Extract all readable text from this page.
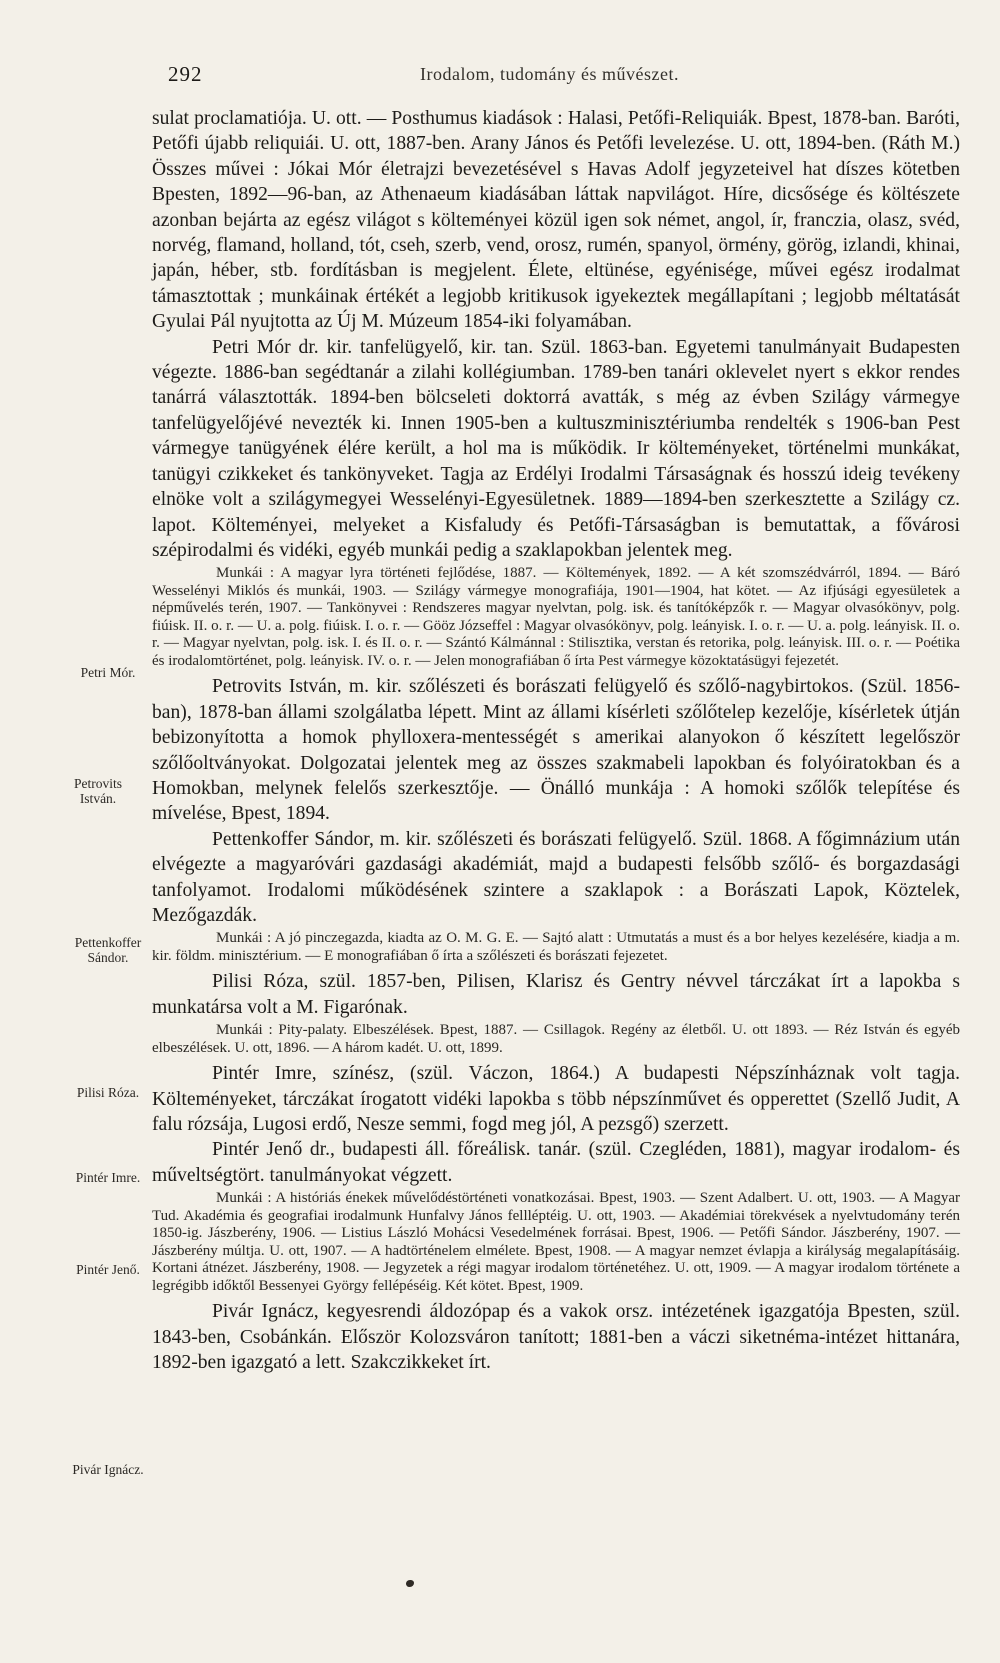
292	Irodalom, tudomány és művészet.
Petri Mór.
Petrovits István.
Pettenkoffer Sándor.
Pilisi Róza.
Pintér Imre.
Pintér Jenő.
Pivár Ignácz.

sulat proclamatiója. U. ott. — Posthumus kiadások : Halasi, Petőfi-Reliquiák. Bpest, 1878-ban. Baróti, Petőfi újabb reliquiái. U. ott, 1887-ben. Arany János és Petőfi levelezése. U. ott, 1894-ben. (Ráth M.) Összes művei : Jókai Mór életrajzi bevezetésével s Havas Adolf jegyzeteivel hat díszes kötetben Bpesten, 1892—96-ban, az Athenaeum kiadásában láttak napvilágot. Híre, dicsősége és költészete azonban bejárta az egész világot s költeményei közül igen sok német, angol, ír, franczia, olasz, svéd, norvég, flamand, holland, tót, cseh, szerb, vend, orosz, rumén, spanyol, örmény, görög, izlandi, khinai, japán, héber, stb. fordításban is megjelent. Élete, eltünése, egyénisége, művei egész irodalmat támasztottak ; munkáinak értékét a legjobb kritikusok igyekeztek megállapítani ; legjobb méltatását Gyulai Pál nyujtotta az Új M. Múzeum 1854-iki folyamában.

Petri Mór dr. kir. tanfelügyelő, kir. tan. Szül. 1863-ban. Egyetemi tanulmányait Budapesten végezte. 1886-ban segédtanár a zilahi kollégiumban. 1789-ben tanári oklevelet nyert s ekkor rendes tanárrá választották. 1894-ben bölcseleti doktorrá avatták, s még az évben Szilágy vármegye tanfelügyelőjévé nevezték ki. Innen 1905-ben a kultuszminisztériumba rendelték s 1906-ban Pest vármegye tanügyének élére került, a hol ma is működik. Ir költeményeket, történelmi munkákat, tanügyi czikkeket és tankönyveket. Tagja az Erdélyi Irodalmi Társaságnak és hosszú ideig tevékeny elnöke volt a szilágymegyei Wesselényi-Egyesületnek. 1889—1894-ben szerkesztette a Szilágy cz. lapot. Költeményei, melyeket a Kisfaludy és Petőfi-Társaságban is bemutattak, a fővárosi szépirodalmi és vidéki, egyéb munkái pedig a szaklapokban jelentek meg.

Munkái : A magyar lyra történeti fejlődése, 1887. — Költemények, 1892. — A két szomszédvárról, 1894. — Báró Wesselényi Miklós és munkái, 1903. — Szilágy vármegye monografiája, 1901—1904, hat kötet. — Az ifjúsági egyesületek a népművelés terén, 1907. — Tankönyvei : Rendszeres magyar nyelvtan, polg. isk. és tanítóképzők r. — Magyar olvasókönyv, polg. fiúisk. II. o. r. — U. a. polg. fiúisk. I. o. r. — Gööz Józseffel : Magyar olvasókönyv, polg. leányisk. I. o. r. — U. a. polg. leányisk. II. o. r. — Magyar nyelvtan, polg. isk. I. és II. o. r. — Szántó Kálmánnal : Stilisztika, verstan és retorika, polg. leányisk. III. o. r. — Poétika és irodalomtörténet, polg. leányisk. IV. o. r. — Jelen monografiában ő írta Pest vármegye közoktatásügyi fejezetét.

Petrovits István, m. kir. szőlészeti és borászati felügyelő és szőlő-nagybirtokos. (Szül. 1856-ban), 1878-ban állami szolgálatba lépett. Mint az állami kísérleti szőlőtelep kezelője, kísérletek útján bebizonyította a homok phylloxera-mentességét s amerikai alanyokon ő készített legelőször szőlőoltványokat. Dolgozatai jelentek meg az összes szakmabeli lapokban és folyóiratokban és a Homokban, melynek felelős szerkesztője. — Önálló munkája : A homoki szőlők telepítése és mívelése, Bpest, 1894.

Pettenkoffer Sándor, m. kir. szőlészeti és borászati felügyelő. Szül. 1868. A főgimnázium után elvégezte a magyaróvári gazdasági akadémiát, majd a budapesti felsőbb szőlő- és borgazdasági tanfolyamot. Irodalomi működésének szintere a szaklapok : a Borászati Lapok, Köztelek, Mezőgazdák.

Munkái : A jó pinczegazda, kiadta az O. M. G. E. — Sajtó alatt : Utmutatás a must és a bor helyes kezelésére, kiadja a m. kir. földm. minisztérium. — E monografiában ő írta a szőlészeti és borászati fejezetet.

Pilisi Róza, szül. 1857-ben, Pilisen, Klarisz és Gentry névvel tárczákat írt a lapokba s munkatársa volt a M. Figarónak.

Munkái : Pity-palaty. Elbeszélések. Bpest, 1887. — Csillagok. Regény az életből. U. ott 1893. — Réz István és egyéb elbeszélések. U. ott, 1896. — A három kadét. U. ott, 1899.

Pintér Imre, színész, (szül. Váczon, 1864.) A budapesti Népszínháznak volt tagja. Költeményeket, tárczákat írogatott vidéki lapokba s több népszínművet és opperettet (Szellő Judit, A falu rózsája, Lugosi erdő, Nesze semmi, fogd meg jól, A pezsgő) szerzett.

Pintér Jenő dr., budapesti áll. főreálisk. tanár. (szül. Czegléden, 1881), magyar irodalom- és műveltségtört. tanulmányokat végzett.

Munkái : A históriás énekek művelődéstörténeti vonatkozásai. Bpest, 1903. — Szent Adalbert. U. ott, 1903. — A Magyar Tud. Akadémia és geografiai irodalmunk Hunfalvy János fellléptéig. U. ott, 1903. — Akadémiai törekvések a nyelvtudomány terén 1850-ig. Jászberény, 1906. — Listius László Mohácsi Vesedelmének forrásai. Bpest, 1906. — Petőfi Sándor. Jászberény, 1907. — Jászberény múltja. U. ott, 1907. — A hadtörténelem elmélete. Bpest, 1908. — A magyar nemzet évlapja a királyság megalapításáig. Kortani átnézet. Jászberény, 1908. — Jegyzetek a régi magyar irodalom történetéhez. U. ott, 1909. — A magyar irodalom története a legrégibb időktől Bessenyei György fellépéséig. Két kötet. Bpest, 1909.

Pivár Ignácz, kegyesrendi áldozópap és a vakok orsz. intézetének igazgatója Bpesten, szül. 1843-ben, Csobánkán. Először Kolozsváron tanított; 1881-ben a váczi siketnéma-intézet hittanára, 1892-ben igazgató a lett. Szakczikkeket írt.
